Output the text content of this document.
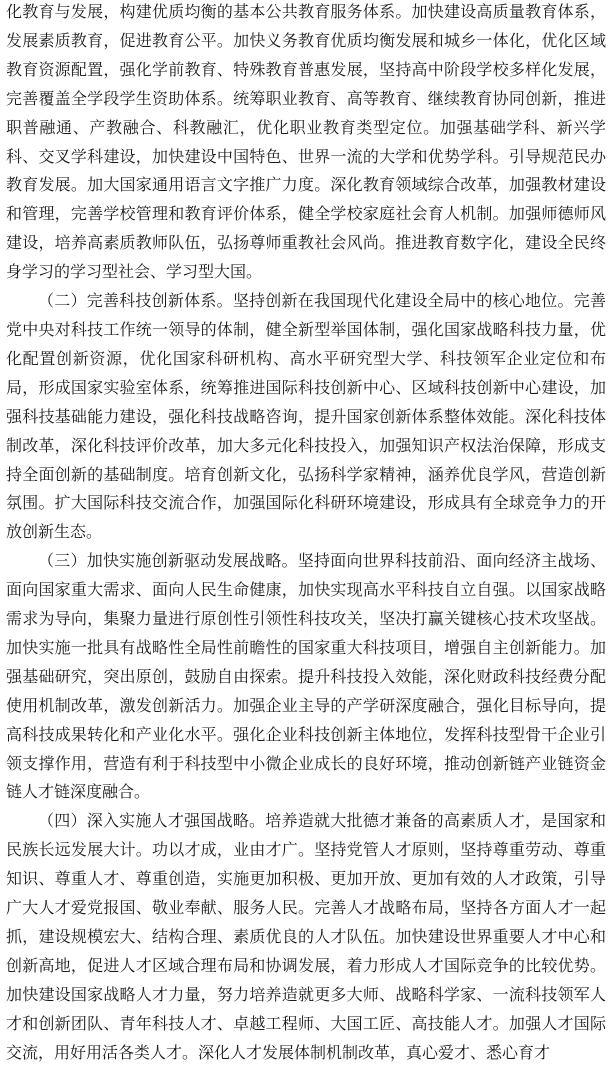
化教育与发展，构建优质均衡的基本公共教育服务体系。加快建设高质量教育体系，发展素质教育，促进教育公平。加快义务教育优质均衡发展和城乡一体化，优化区域教育资源配置，强化学前教育、特殊教育普惠发展，坚持高中阶段学校多样化发展，完善覆盖全学段学生资助体系。统筹职业教育、高等教育、继续教育协同创新，推进职普融通、产教融合、科教融汇，优化职业教育类型定位。加强基础学科、新兴学科、交叉学科建设，加快建设中国特色、世界一流的大学和优势学科。引导规范民办教育发展。加大国家通用语言文字推广力度。深化教育领域综合改革，加强教材建设和管理，完善学校管理和教育评价体系，健全学校家庭社会育人机制。加强师德师风建设，培养高素质教师队伍，弘扬尊师重教社会风尚。推进教育数字化，建设全民终身学习的学习型社会、学习型大国。

（二）完善科技创新体系。坚持创新在我国现代化建设全局中的核心地位。完善党中央对科技工作统一领导的体制，健全新型举国体制，强化国家战略科技力量，优化配置创新资源，优化国家科研机构、高水平研究型大学、科技领军企业定位和布局，形成国家实验室体系，统筹推进国际科技创新中心、区域科技创新中心建设，加强科技基础能力建设，强化科技战略咨询，提升国家创新体系整体效能。深化科技体制改革，深化科技评价改革，加大多元化科技投入，加强知识产权法治保障，形成支持全面创新的基础制度。培育创新文化，弘扬科学家精神，涵养优良学风，营造创新氛围。扩大国际科技交流合作，加强国际化科研环境建设，形成具有全球竞争力的开放创新生态。

（三）加快实施创新驱动发展战略。坚持面向世界科技前沿、面向经济主战场、面向国家重大需求、面向人民生命健康，加快实现高水平科技自立自强。以国家战略需求为导向，集聚力量进行原创性引领性科技攻关，坚决打赢关键核心技术攻坚战。加快实施一批具有战略性全局性前瞻性的国家重大科技项目，增强自主创新能力。加强基础研究，突出原创，鼓励自由探索。提升科技投入效能，深化财政科技经费分配使用机制改革，激发创新活力。加强企业主导的产学研深度融合，强化目标导向，提高科技成果转化和产业化水平。强化企业科技创新主体地位，发挥科技型骨干企业引领支撑作用，营造有利于科技型中小微企业成长的良好环境，推动创新链产业链资金链人才链深度融合。

（四）深入实施人才强国战略。培养造就大批德才兼备的高素质人才，是国家和民族长远发展大计。功以才成，业由才广。坚持党管人才原则，坚持尊重劳动、尊重知识、尊重人才、尊重创造，实施更加积极、更加开放、更加有效的人才政策，引导广大人才爱党报国、敬业奉献、服务人民。完善人才战略布局，坚持各方面人才一起抓，建设规模宏大、结构合理、素质优良的人才队伍。加快建设世界重要人才中心和创新高地，促进人才区域合理布局和协调发展，着力形成人才国际竞争的比较优势。加快建设国家战略人才力量，努力培养造就更多大师、战略科学家、一流科技领军人才和创新团队、青年科技人才、卓越工程师、大国工匠、高技能人才。加强人才国际交流，用好用活各类人才。深化人才发展体制机制改革，真心爱才、悉心育才
